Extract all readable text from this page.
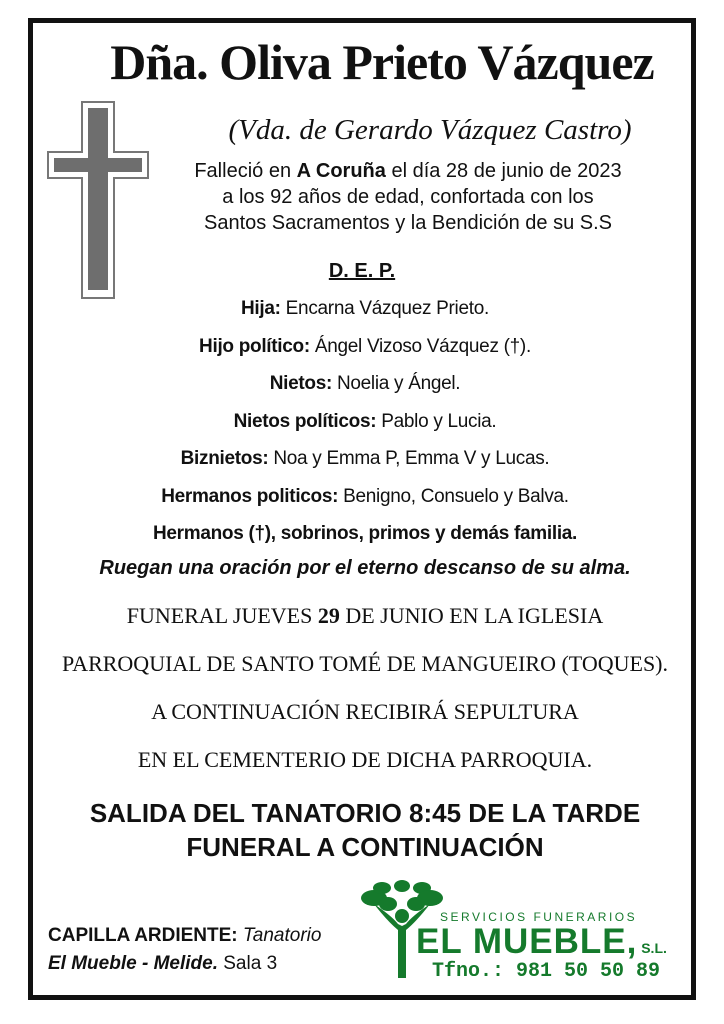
Dña. Oliva Prieto Vázquez
(Vda. de Gerardo Vázquez Castro)
Falleció en A Coruña el día 28 de junio de 2023
a los 92 años de edad, confortada con los
Santos Sacramentos y la Bendición de su S.S
D. E. P.
Hija: Encarna Vázquez Prieto.
Hijo político: Ángel Vizoso Vázquez (†).
Nietos: Noelia y Ángel.
Nietos políticos: Pablo y Lucia.
Biznietos: Noa y Emma P, Emma V y Lucas.
Hermanos politicos: Benigno, Consuelo y Balva.
Hermanos (†), sobrinos, primos y demás familia.
Ruegan una oración por el eterno descanso de su alma.
FUNERAL JUEVES 29 DE JUNIO EN LA IGLESIA
PARROQUIAL DE SANTO TOMÉ DE MANGUEIRO (TOQUES).
A CONTINUACIÓN RECIBIRÁ SEPULTURA
EN EL CEMENTERIO DE DICHA PARROQUIA.
SALIDA DEL TANATORIO 8:45 DE LA TARDE
FUNERAL A CONTINUACIÓN
CAPILLA ARDIENTE: Tanatorio
El Mueble - Melide. Sala 3
SERVICIOS FUNERARIOS
EL MUEBLE, S.L.
Tfno.: 981 50 50 89
